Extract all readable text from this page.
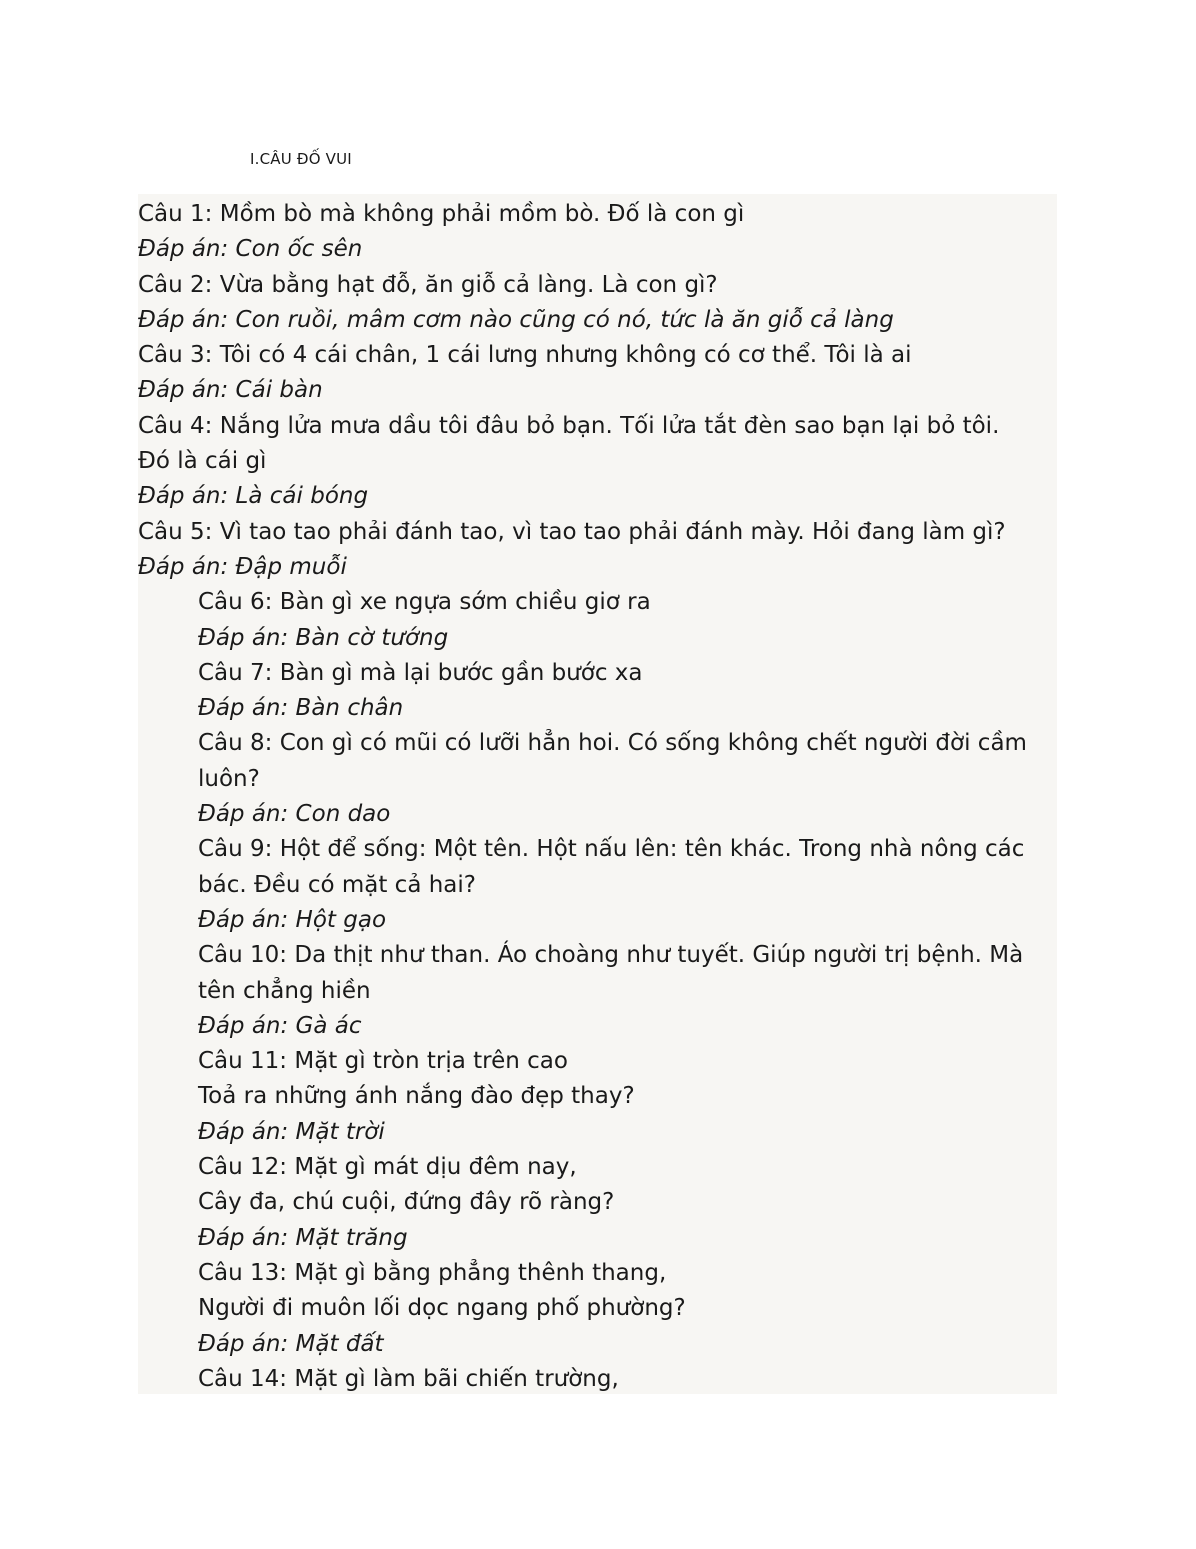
I.CÂU ĐỐ VUI
Câu 1: Mồm bò mà không phải mồm bò. Đố là con gì
Đáp án: Con ốc sên
Câu 2: Vừa bằng hạt đỗ, ăn giỗ cả làng. Là con gì?
Đáp án: Con ruồi, mâm cơm nào cũng có nó, tức là ăn giỗ cả làng
Câu 3: Tôi có 4 cái chân, 1 cái lưng nhưng không có cơ thể. Tôi là ai
Đáp án: Cái bàn
Câu 4: Nắng lửa mưa dầu tôi đâu bỏ bạn. Tối lửa tắt đèn sao bạn lại bỏ tôi.
Đó là cái gì
Đáp án: Là cái bóng
Câu 5: Vì tao tao phải đánh tao, vì tao tao phải đánh mày. Hỏi đang làm gì?
Đáp án: Đập muỗi
Câu 6: Bàn gì xe ngựa sớm chiều giơ ra
Đáp án: Bàn cờ tướng
Câu 7: Bàn gì mà lại bước gần bước xa
Đáp án: Bàn chân
Câu 8: Con gì có mũi có lưỡi hẳn hoi. Có sống không chết người đời cầm
luôn?
Đáp án: Con dao
Câu 9: Hột để sống: Một tên. Hột nấu lên: tên khác. Trong nhà nông các
bác. Đều có mặt cả hai?
Đáp án: Hột gạo
Câu 10: Da thịt như than. Áo choàng như tuyết. Giúp người trị bệnh. Mà
tên chẳng hiền
Đáp án: Gà ác
Câu 11: Mặt gì tròn trịa trên cao
Toả ra những ánh nắng đào đẹp thay?
Đáp án: Mặt trời
Câu 12: Mặt gì mát dịu đêm nay,
Cây đa, chú cuội, đứng đây rõ ràng?
Đáp án: Mặt trăng
Câu 13: Mặt gì bằng phẳng thênh thang,
Người đi muôn lối dọc ngang phố phường?
Đáp án: Mặt đất
Câu 14: Mặt gì làm bãi chiến trường,
